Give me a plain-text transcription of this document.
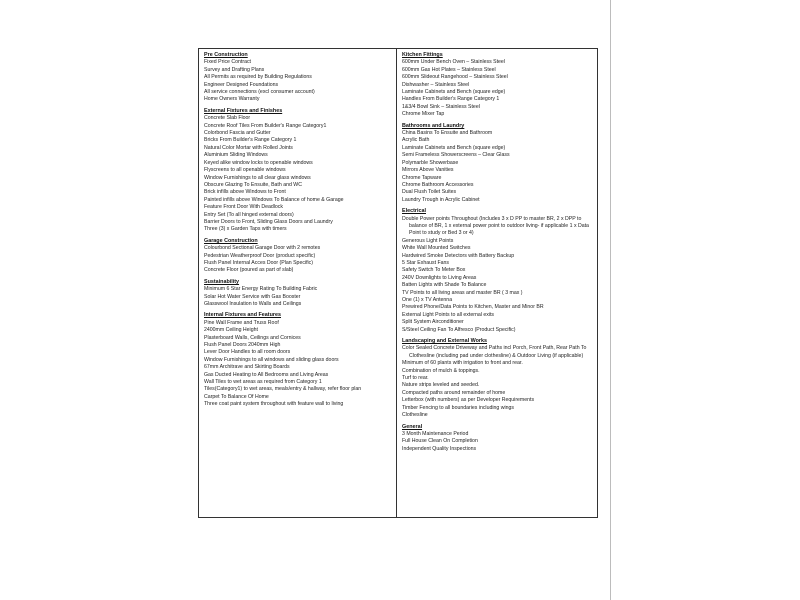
Pre Construction
Fixed Price Contract
Survey and Drafting Plans
All Permits as required by Building Regulations
Engineer Designed Foundations
All service connections (excl consumer account)
Home Owners Warranty
External Fixtures and Finishes
Concrete Slab Floor
Concrete Roof Tiles From Builder's Range Category1
Colorbond Fascia and Gutter
Bricks From Builder's Range Category 1
Natural Color Mortar with Rolled Joints
Aluminium Sliding Windows
Keyed alike window locks to openable windows
Flyscreens to all openable windows
Window Furnishings to all clear glass windows
Obscure Glazing To Ensuite, Bath and WC
Brick infills above Windows to Front
Painted infills above Windows To Balance of home & Garage
Feature Front Door With Deadlock
Entry Set (To all hinged external doors)
Barrier Doors to Front, Sliding Glass Doors and Laundry
Three (3) x Garden Taps with timers
Garage Construction
Colourbond Sectional Garage Door with 2 remotes
Pedestrian Weatherproof Door (product specific)
Flush Panel Internal Acces Door (Plan Specific)
Concrete Floor (poured as part of slab)
Sustainability
Minimum 6 Star Energy Rating To Building Fabric
Solar Hot Water Service with Gas Booster
Glasswool Insulation to Walls and Ceilings
Internal Fixtures and Features
Pine Wall Frame and Truss Roof
2400mm Ceiling Height
Plasterboard Walls, Ceilings and Cornices
Flush Panel Doors 2040mm High
Lever Door Handles to all room doors
Window Furnishings to all windows and sliding glass doors
67mm Architrave and Skirting Boards
Gas Ducted Heating to All Bedrooms and Living Areas
Wall Tiles to wet areas as required from Category 1
Tiles(Category1) to wet areas, meals/entry & hallway, refer floor plan
Carpet To Balance Of Home
Three coat paint system throughout with feature wall to living
Kitchen Fittings
600mm Under Bench Oven – Stainless Steel
600mm Gas Hot Plates – Stainless Steel
600mm Slideout Rangehood – Stainless Steel
Dishwasher – Stainless Steel
Laminate Cabinets and Bench (square edge)
Handles From Builder's Range Category 1
1&3/4 Bowl Sink – Stainless Steel
Chrome Mixer Tap
Bathrooms and Laundry
China Basins To Ensuite and Bathroom
Acrylic Bath
Laminate Cabinets and Bench (square edge)
Semi Frameless Showerscreens – Clear Glass
Polymarble Showerbase
Mirrors Above Vanities
Chrome Tapware
Chrome Bathroom Accessories
Dual Flush Toilet Suites
Laundry Trough in Acrylic Cabinet
Electrical
Double Power points Throughout (Includes 3 x D PP to master BR, 2 x DPP to balance of BR, 1 x external power point to outdoor living- if applicable 1 x Data Point to study or Bed 3 or 4)
Generous Light Points
White Wall Mounted Switches
Hardwired Smoke Detectors with Battery Backup
5 Star Exhaust Fans
Safety Switch To Meter Box
240V Downlights to Living Areas
Batten Lights with Shade To Balance
TV Points to all living areas and master BR ( 3 max )
One (1) x TV Antenna
Prewired Phone/Data Points to Kitchen, Master and Minor BR
External Light Points to all external exits
Split System Airconditioner
S/Steel Ceiling Fan To Alfresco (Product Specific)
Landscaping and External Works
Color Sealed Concrete Driveway and Paths incl Porch, Front Path, Rear Path To Clothesline (including pad under clothesline) & Outdoor Living (if applicable)
Minimum of 60 plants with irrigation to front and rear.
Combination of mulch & toppings.
Turf to rear.
Nature strips leveled and seeded.
Compacted paths around remainder of home
Letterbox (with numbers) as per Developer Requirements
Timber Fencing to all boundaries including wings
Clothesline
General
3 Month Maintenance Period
Full House Clean On Completion
Independent Quality Inspections
